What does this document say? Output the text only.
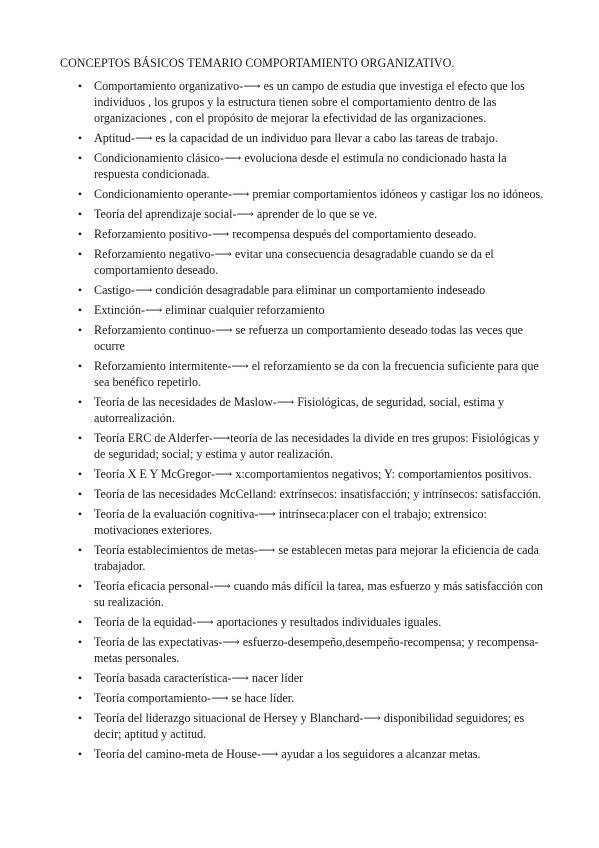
CONCEPTOS BÁSICOS TEMARIO COMPORTAMIENTO ORGANIZATIVO.
• Comportamiento organizativo-⟶ es un campo de estudia que investiga el efecto que los individuos , los grupos y la estructura tienen sobre el comportamiento dentro de las organizaciones , con el propósito de mejorar la efectividad de las organizaciones.
• Aptitud-⟶ es la capacidad de un individuo para llevar a cabo las tareas de trabajo.
• Condicionamiento clásico-⟶ evoluciona desde el estimula no condicionado hasta la respuesta condicionada.
• Condicionamiento operante-⟶ premiar comportamientos idóneos y castigar los no idóneos.
• Teoría del aprendizaje social-⟶ aprender de lo que se ve.
• Reforzamiento positivo-⟶ recompensa después del comportamiento deseado.
• Reforzamiento negativo-⟶ evitar una consecuencia desagradable cuando se da el comportamiento deseado.
• Castigo-⟶ condición desagradable para eliminar un comportamiento indeseado
• Extinción-⟶ eliminar cualquier reforzamiento
• Reforzamiento continuo-⟶ se refuerza un comportamiento deseado todas las veces que ocurre
• Reforzamiento intermitente-⟶ el reforzamiento se da con la frecuencia suficiente para que sea benéfico repetirlo.
• Teoría de las necesidades de Maslow-⟶ Fisiológicas, de seguridad, social, estima y autorrealización.
• Teoría ERC de Alderfer-⟶teoría de las necesidades la divide en tres grupos: Fisiológicas y de seguridad; social; y estima y autor realización.
• Teoría X E Y McGregor-⟶ x:comportamientos negativos; Y: comportamientos positivos.
• Teoría de las necesidades McCelland: extrínsecos: insatisfacción; y intrínsecos: satisfacción.
• Teoría de la evaluación cognitiva-⟶ intrínseca:placer con el trabajo; extrensico: motivaciones exteriores.
• Teoría establecimientos de metas-⟶ se establecen metas para mejorar la eficiencia de cada trabajador.
• Teoría eficacia personal-⟶ cuando más difícil la tarea, mas esfuerzo y más satisfacción con su realización.
• Teoría de la equidad-⟶ aportaciones y resultados individuales iguales.
• Teoría de las expectativas-⟶ esfuerzo-desempeño,desempeño-recompensa; y recompensa-metas personales.
• Teoría basada característica-⟶ nacer líder
• Teoría comportamiento-⟶ se hace líder.
• Teoría del liderazgo situacional de Hersey y Blanchard-⟶ disponibilidad seguidores; es decir; aptitud y actitud.
• Teoría del camino-meta de House-⟶ ayudar a los seguidores a alcanzar metas.
